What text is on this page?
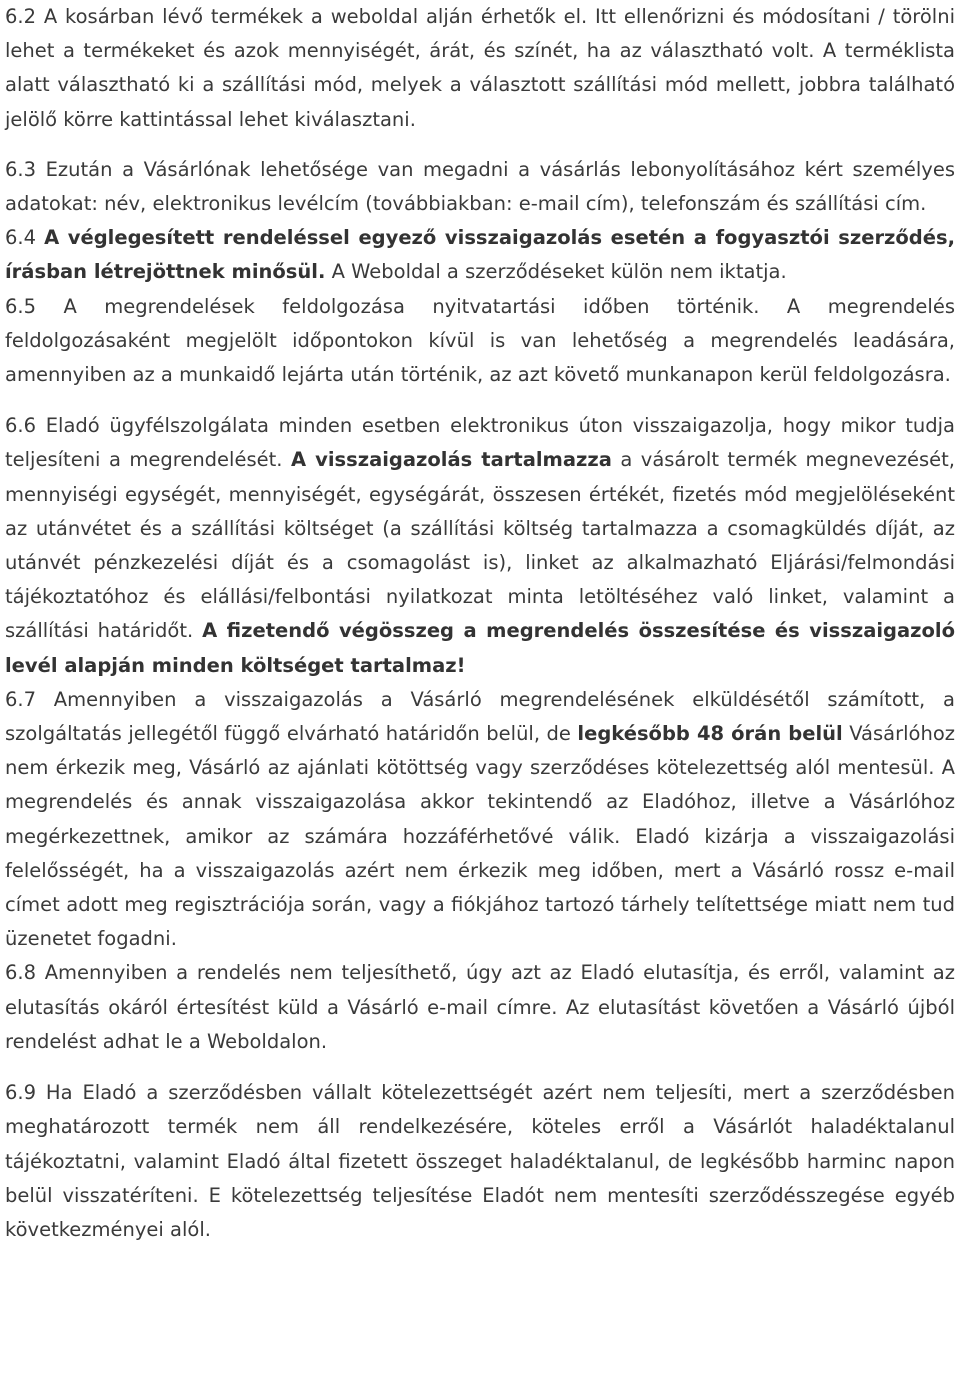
6.2 A kosárban lévő termékek a weboldal alján érhetők el. Itt ellenőrizni és módosítani / törölni lehet a termékeket és azok mennyiségét, árát, és színét, ha az választható volt. A terméklista alatt választható ki a szállítási mód, melyek a választott szállítási mód mellett, jobbra található jelölő körre kattintással lehet kiválasztani.

6.3 Ezután a Vásárlónak lehetősége van megadni a vásárlás lebonyolításához kért személyes adatokat: név, elektronikus levélcím (továbbiakban: e-mail cím), telefonszám és szállítási cím.

6.4 A véglegesített rendeléssel egyező visszaigazolás esetén a fogyasztói szerződés, írásban létrejöttnek minősül. A Weboldal a szerződéseket külön nem iktatja.

6.5 A megrendelések feldolgozása nyitvatartási időben történik. A megrendelés feldolgozásaként megjelölt időpontokon kívül is van lehetőség a megrendelés leadására, amennyiben az a munkaidő lejárta után történik, az azt követő munkanapon kerül feldolgozásra.

6.6 Eladó ügyfélszolgálata minden esetben elektronikus úton visszaigazolja, hogy mikor tudja teljesíteni a megrendelését. A visszaigazolás tartalmazza a vásárolt termék megnevezését, mennyiségi egységét, mennyiségét, egységárát, összesen értékét, fizetés mód megjelöléseként az utánvétet és a szállítási költséget (a szállítási költség tartalmazza a csomagküldés díját, az utánvét pénzkezelési díját és a csomagolást is), linket az alkalmazható Eljárási/felmondási tájékoztatóhoz és elállási/felbontási nyilatkozat minta letöltéséhez való linket, valamint a szállítási határidőt. A fizetendő végösszeg a megrendelés összesítése és visszaigazoló levél alapján minden költséget tartalmaz!

6.7 Amennyiben a visszaigazolás a Vásárló megrendelésének elküldésétől számított, a szolgáltatás jellegétől függő elvárható határidőn belül, de legkésőbb 48 órán belül Vásárlóhoz nem érkezik meg, Vásárló az ajánlati kötöttség vagy szerződéses kötelezettség alól mentesül. A megrendelés és annak visszaigazolása akkor tekintendő az Eladóhoz, illetve a Vásárlóhoz megérkezettnek, amikor az számára hozzáférhetővé válik. Eladó kizárja a visszaigazolási felelősségét, ha a visszaigazolás azért nem érkezik meg időben, mert a Vásárló rossz e-mail címet adott meg regisztrációja során, vagy a fiókjához tartozó tárhely telítettsége miatt nem tud üzenetet fogadni.

6.8 Amennyiben a rendelés nem teljesíthető, úgy azt az Eladó elutasítja, és erről, valamint az elutasítás okáról értesítést küld a Vásárló e-mail címre. Az elutasítást követően a Vásárló újból rendelést adhat le a Weboldalon.

6.9 Ha Eladó a szerződésben vállalt kötelezettségét azért nem teljesíti, mert a szerződésben meghatározott termék nem áll rendelkezésére, köteles erről a Vásárlót haladéktalanul tájékoztatni, valamint Eladó által fizetett összeget haladéktalanul, de legkésőbb harminc napon belül visszatéríteni. E kötelezettség teljesítése Eladót nem mentesíti szerződésszegése egyéb következményei alól.
